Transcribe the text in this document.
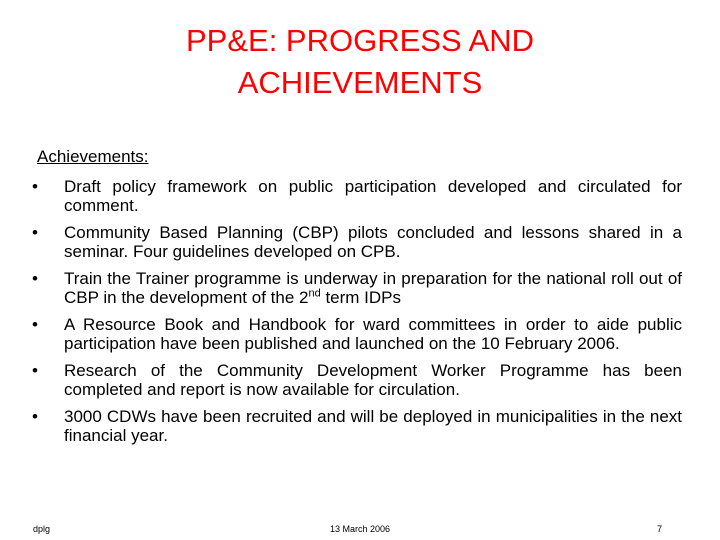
PP&E: PROGRESS AND
ACHIEVEMENTS
Achievements:
• Draft policy framework on public participation developed and circulated for comment.
• Community Based Planning (CBP) pilots concluded and lessons shared in a seminar. Four guidelines developed on CPB.
• Train the Trainer programme is underway in preparation for the national roll out of CBP in the development of the 2nd term IDPs
• A Resource Book and Handbook for ward committees in order to aide public participation have been published and launched on the 10 February 2006.
• Research of the Community Development Worker Programme has been completed and report is now available for circulation.
• 3000 CDWs have been recruited and will be deployed in municipalities in the next financial year.
dplg	13 March 2006	7
